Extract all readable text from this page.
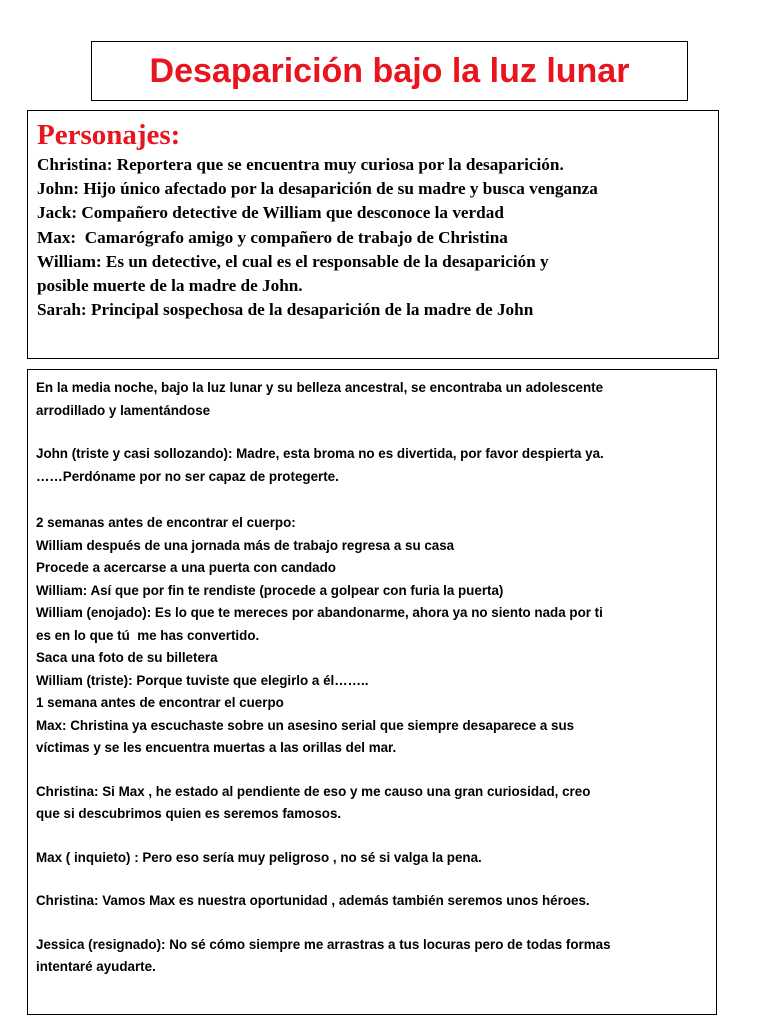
Desaparición bajo la luz lunar
Personajes:
Christina: Reportera que se encuentra muy curiosa por la desaparición.
John: Hijo único afectado por la desaparición de su madre y busca venganza
Jack: Compañero detective de William que desconoce la verdad
Max:  Camarógrafo amigo y compañero de trabajo de Christina
William: Es un detective, el cual es el responsable de la desaparición y
posible muerte de la madre de John.
Sarah: Principal sospechosa de la desaparición de la madre de John
En la media noche, bajo la luz lunar y su belleza ancestral, se encontraba un adolescente
arrodillado y lamentándose
John (triste y casi sollozando): Madre, esta broma no es divertida, por favor despierta ya.
……Perdóname por no ser capaz de protegerte.
2 semanas antes de encontrar el cuerpo:
William después de una jornada más de trabajo regresa a su casa
Procede a acercarse a una puerta con candado
William: Así que por fin te rendiste (procede a golpear con furia la puerta)
William (enojado): Es lo que te mereces por abandonarme, ahora ya no siento nada por ti
es en lo que tú  me has convertido.
Saca una foto de su billetera
William (triste): Porque tuviste que elegirlo a él……..
1 semana antes de encontrar el cuerpo
Max: Christina ya escuchaste sobre un asesino serial que siempre desaparece a sus
víctimas y se les encuentra muertas a las orillas del mar.
Christina: Si Max , he estado al pendiente de eso y me causo una gran curiosidad, creo
que si descubrimos quien es seremos famosos.
Max ( inquieto) : Pero eso sería muy peligroso , no sé si valga la pena.
Christina: Vamos Max es nuestra oportunidad , además también seremos unos héroes.
Jessica (resignado): No sé cómo siempre me arrastras a tus locuras pero de todas formas
intentaré ayudarte.
